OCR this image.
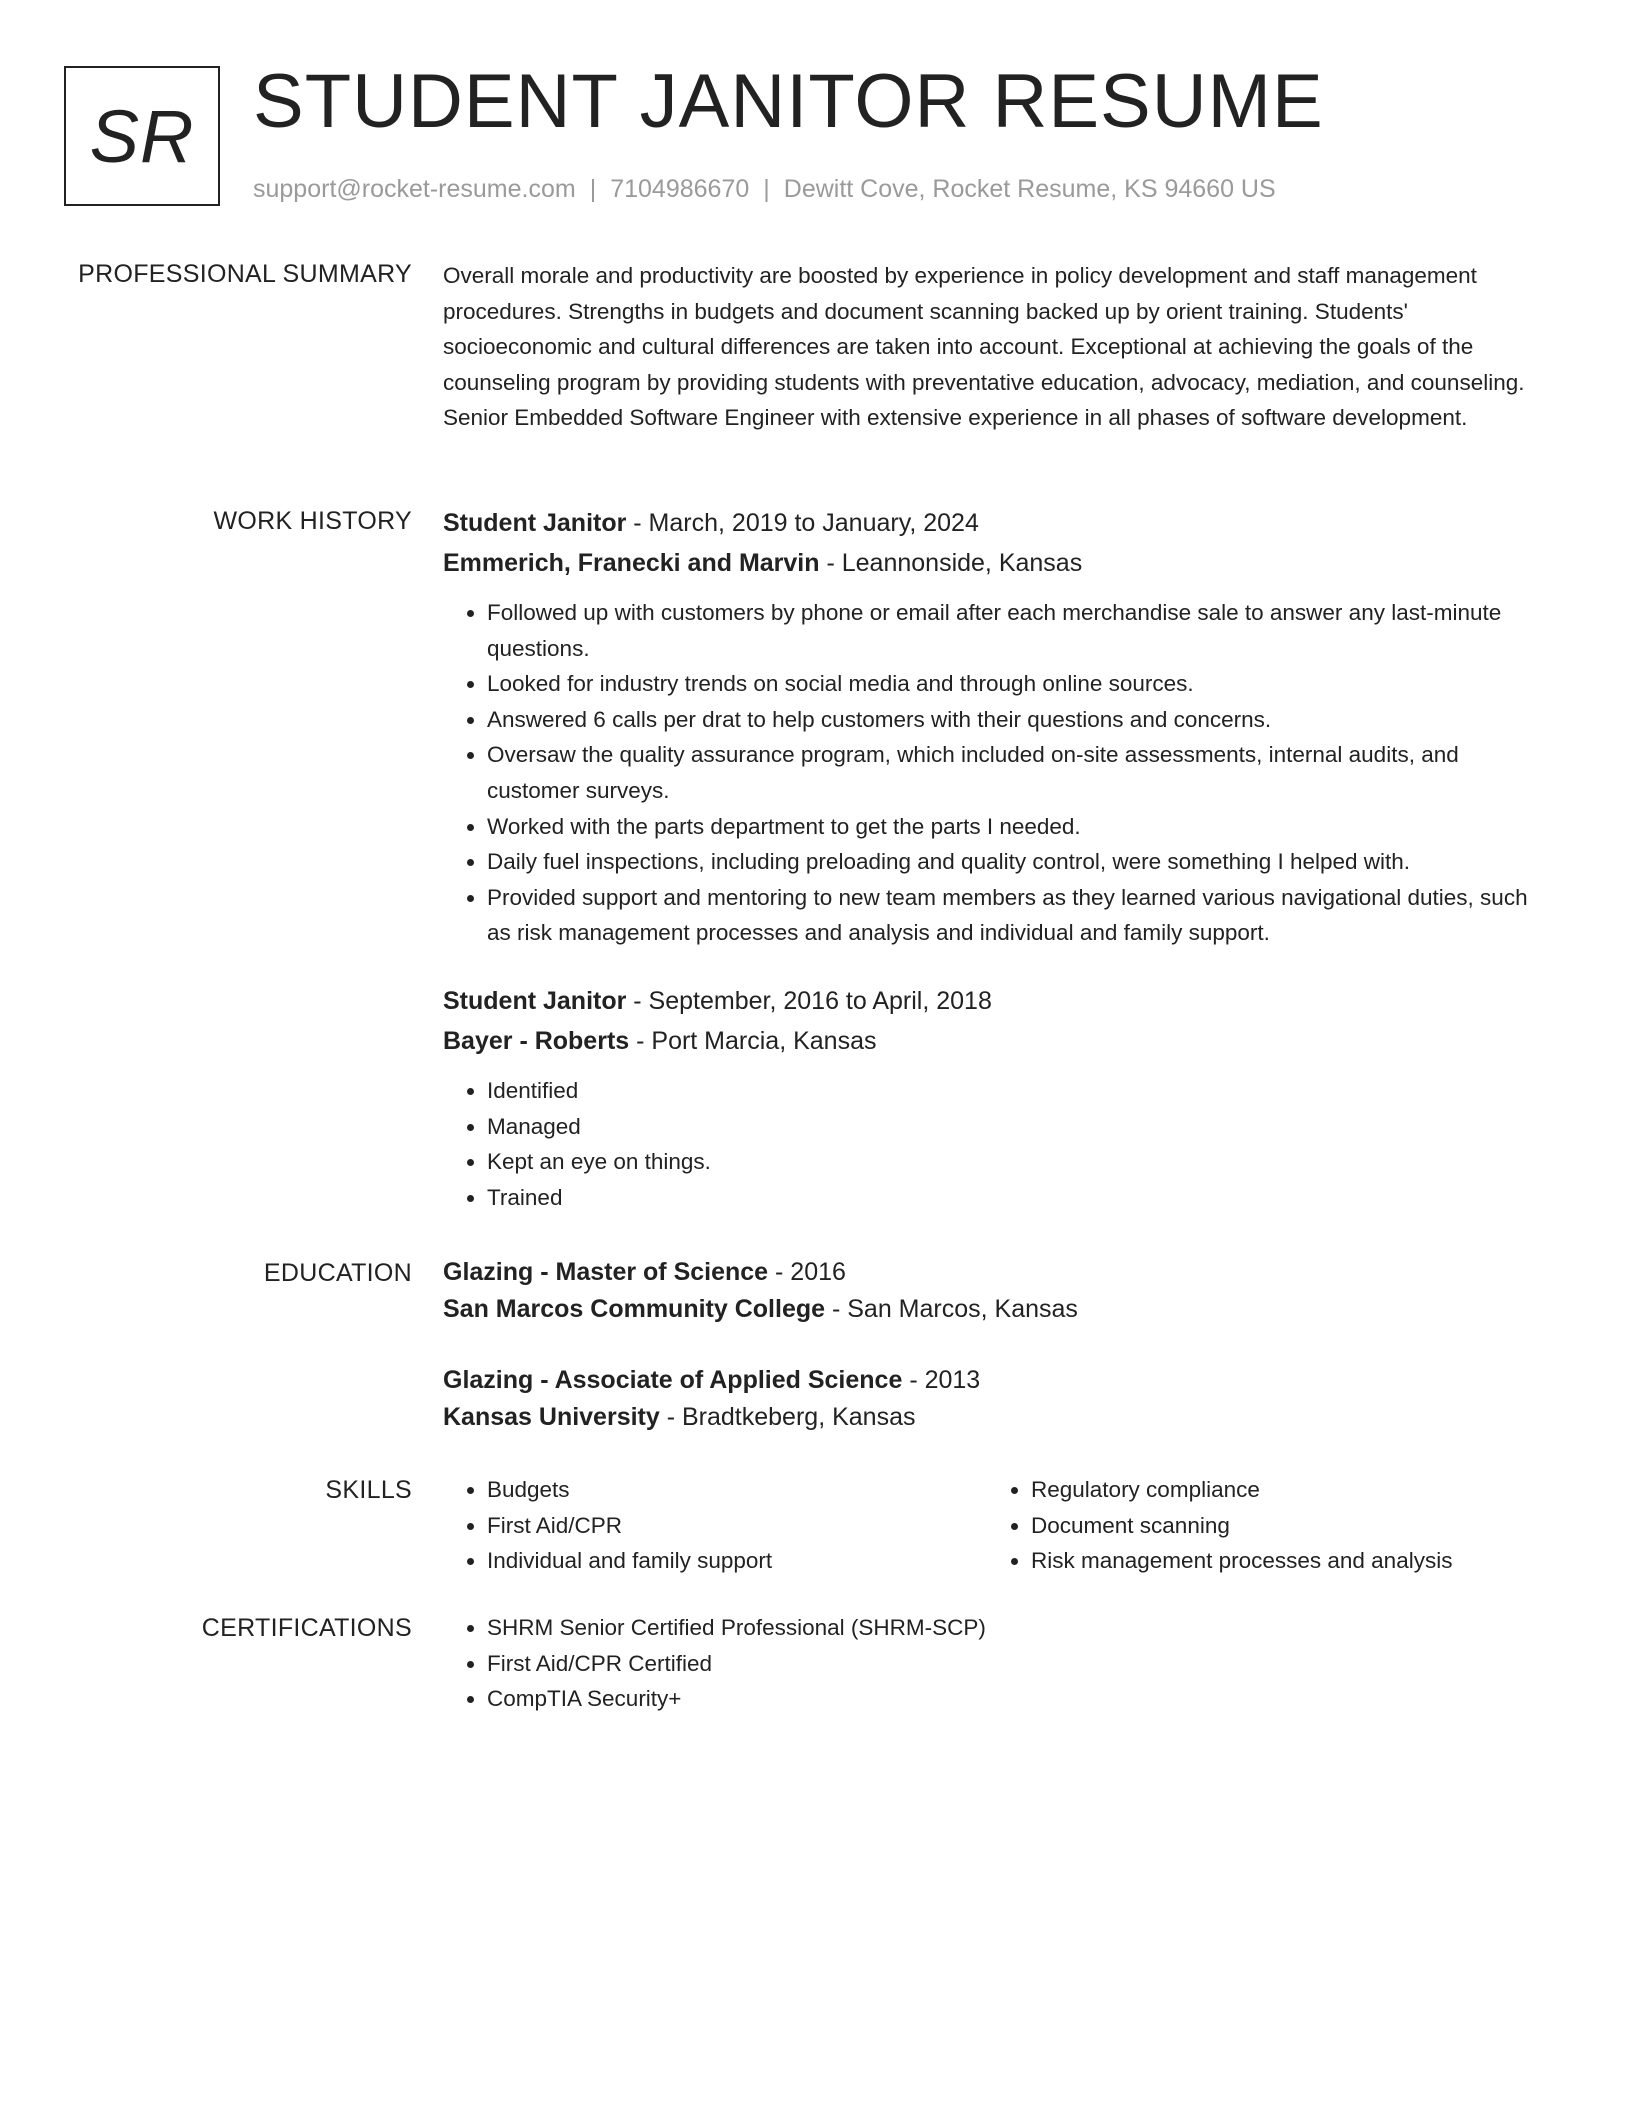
SR STUDENT JANITOR RESUME
support@rocket-resume.com | 7104986670 | Dewitt Cove, Rocket Resume, KS 94660 US
PROFESSIONAL SUMMARY Overall morale and productivity are boosted by experience in policy development and staff management procedures. Strengths in budgets and document scanning backed up by orient training. Students' socioeconomic and cultural differences are taken into account. Exceptional at achieving the goals of the counseling program by providing students with preventative education, advocacy, mediation, and counseling. Senior Embedded Software Engineer with extensive experience in all phases of software development.

WORK HISTORY Student Janitor - March, 2019 to January, 2024
Emmerich, Franecki and Marvin - Leannonside, Kansas
• Followed up with customers by phone or email after each merchandise sale to answer any last-minute questions.
• Looked for industry trends on social media and through online sources.
• Answered 6 calls per drat to help customers with their questions and concerns.
• Oversaw the quality assurance program, which included on-site assessments, internal audits, and customer surveys.
• Worked with the parts department to get the parts I needed.
• Daily fuel inspections, including preloading and quality control, were something I helped with.
• Provided support and mentoring to new team members as they learned various navigational duties, such as risk management processes and analysis and individual and family support.
Student Janitor - September, 2016 to April, 2018
Bayer - Roberts - Port Marcia, Kansas
• Identified
• Managed
• Kept an eye on things.
• Trained
EDUCATION Glazing - Master of Science - 2016
San Marcos Community College - San Marcos, Kansas
Glazing - Associate of Applied Science - 2013
Kansas University - Bradtkeberg, Kansas
SKILLS	• Budgets
• First Aid/CPR
• Individual and family support
• Regulatory compliance
• Document scanning
• Risk management processes and analysis
CERTIFICATIONS	• SHRM Senior Certified Professional (SHRM-SCP)
• First Aid/CPR Certified
• CompTIA Security+
